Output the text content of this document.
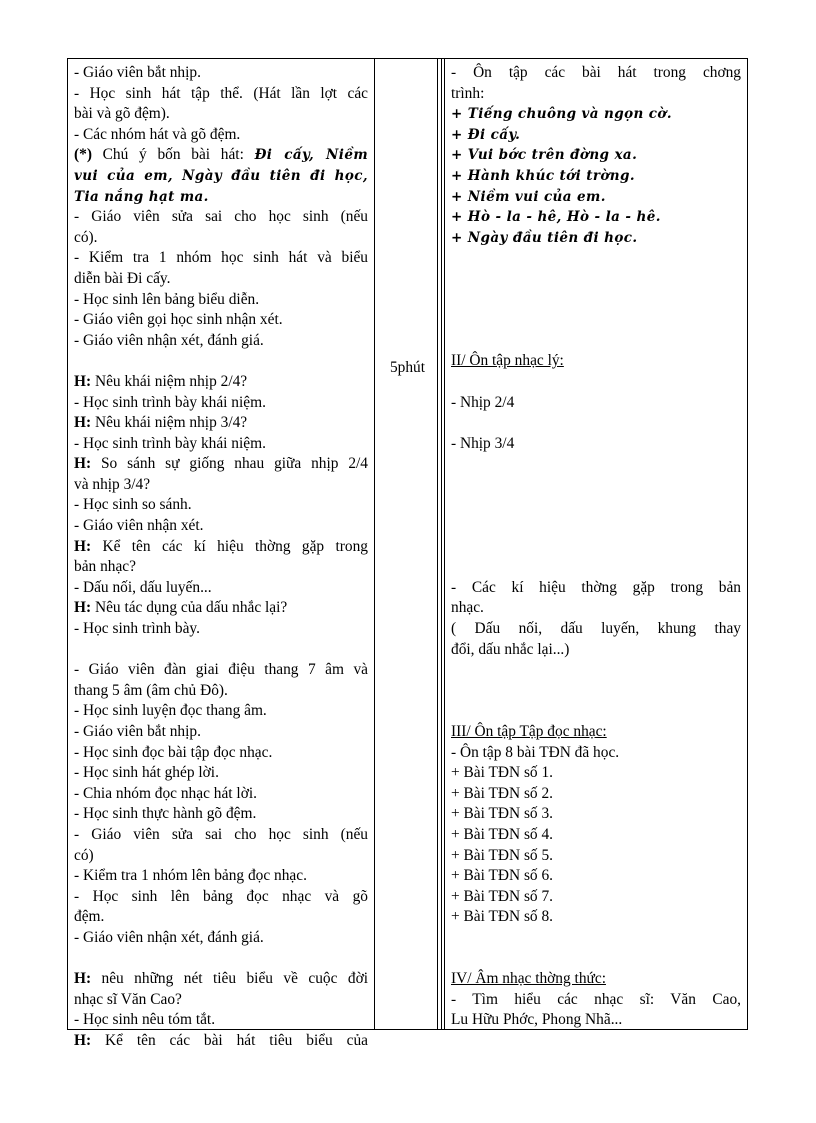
- Giáo viên bắt nhịp.
- Học sinh hát tập thể. (Hát lần lợt các
bài và gõ đệm).
- Các nhóm hát và gõ đệm.
(*) Chú ý bốn bài hát: Đi cấy, Niềm
vui của em, Ngày đầu tiên đi học,
Tia nắng hạt ma.
- Giáo viên sửa sai cho học sinh (nếu
có).
- Kiểm tra 1 nhóm học sinh hát và biểu
diễn bài Đi cấy.
- Học sinh lên bảng biểu diễn.
- Giáo viên gọi học sinh nhận xét.
- Giáo viên nhận xét, đánh giá.
H: Nêu khái niệm nhịp 2/4?
- Học sinh trình bày khái niệm.
H: Nêu khái niệm nhịp 3/4?
- Học sinh trình bày khái niệm.
H: So sánh sự giống nhau giữa nhịp 2/4
và nhịp 3/4?
- Học sinh so sánh.
- Giáo viên nhận xét.
H: Kể tên các kí hiệu thờng gặp trong
bản nhạc?
- Dấu nối, dấu luyến...
H: Nêu tác dụng của dấu nhắc lại?
- Học sinh trình bày.
- Giáo viên đàn giai điệu thang 7 âm và
thang 5 âm (âm chủ Đô).
- Học sinh luyện đọc thang âm.
- Giáo viên bắt nhịp.
- Học sinh đọc bài tập đọc nhạc.
- Học sinh hát ghép lời.
- Chia nhóm đọc nhạc hát lời.
- Học sinh thực hành gõ đệm.
- Giáo viên sửa sai cho học sinh (nếu
có)
- Kiểm tra 1 nhóm lên bảng đọc nhạc.
- Học sinh lên bảng đọc nhạc và gõ
đệm.
- Giáo viên nhận xét, đánh giá.
H: nêu những nét tiêu biểu về cuộc đời
nhạc sĩ Văn Cao?
- Học sinh nêu tóm tắt.
H: Kể tên các bài hát tiêu biểu của
5phút
- Ôn tập các bài hát trong chơng
trình:
+ Tiếng chuông và ngọn cờ.
+ Đi cấy.
+ Vui bớc trên đờng xa.
+ Hành khúc tới trờng.
+ Niềm vui của em.
+ Hò - la - hê, Hò - la - hê.
+ Ngày đầu tiên đi học.
II/ Ôn tập nhạc lý:
- Nhịp 2/4
- Nhịp 3/4
- Các kí hiệu thờng gặp trong bản
nhạc.
( Dấu nối, dấu luyến, khung thay
đổi, dấu nhắc lại...)
III/ Ôn tập Tập đọc nhạc:
- Ôn tập 8 bài TĐN đã học.
+ Bài TĐN số 1.
+ Bài TĐN số 2.
+ Bài TĐN số 3.
+ Bài TĐN số 4.
+ Bài TĐN số 5.
+ Bài TĐN số 6.
+ Bài TĐN số 7.
+ Bài TĐN số 8.
IV/ Âm nhạc thờng thức:
- Tìm hiểu các nhạc sĩ: Văn Cao,
Lu Hữu Phớc, Phong Nhã...
